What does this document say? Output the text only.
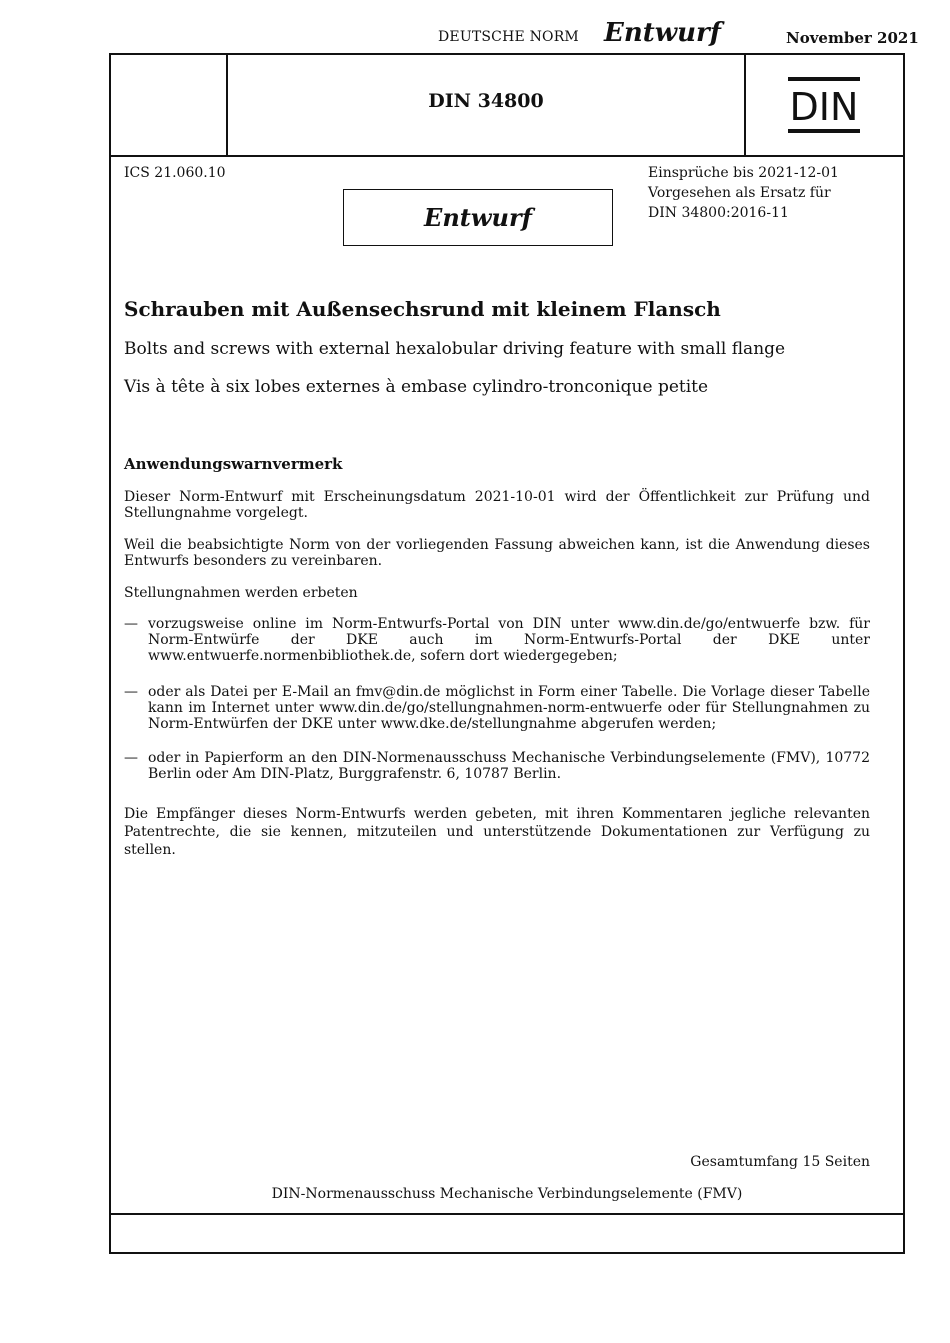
DEUTSCHE NORM Entwurf	November 2021
DIN 34800	DIN
ICS 21.060.10	Einsprüche bis 2021-12-01
Vorgesehen als Ersatz für
DIN 34800:2016-11
Entwurf
Schrauben mit Außensechsrund mit kleinem Flansch
Bolts and screws with external hexalobular driving feature with small flange
Vis à tête à six lobes externes à embase cylindro-tronconique petite
Anwendungswarnvermerk
Dieser Norm-Entwurf mit Erscheinungsdatum 2021-10-01 wird der Öffentlichkeit zur Prüfung und Stellungnahme vorgelegt.
Weil die beabsichtigte Norm von der vorliegenden Fassung abweichen kann, ist die Anwendung dieses Entwurfs besonders zu vereinbaren.
Stellungnahmen werden erbeten
— vorzugsweise online im Norm-Entwurfs-Portal von DIN unter www.din.de/go/entwuerfe bzw. für Norm-Entwürfe der DKE auch im Norm-Entwurfs-Portal der DKE unter www.entwuerfe.normenbibliothek.de, sofern dort wiedergegeben;
— oder als Datei per E-Mail an fmv@din.de möglichst in Form einer Tabelle. Die Vorlage dieser Tabelle kann im Internet unter www.din.de/go/stellungnahmen-norm-entwuerfe oder für Stellungnahmen zu Norm-Entwürfen der DKE unter www.dke.de/stellungnahme abgerufen werden;
— oder in Papierform an den DIN-Normenausschuss Mechanische Verbindungselemente (FMV), 10772 Berlin oder Am DIN-Platz, Burggrafenstr. 6, 10787 Berlin.
Die Empfänger dieses Norm-Entwurfs werden gebeten, mit ihren Kommentaren jegliche relevanten Patentrechte, die sie kennen, mitzuteilen und unterstützende Dokumentationen zur Verfügung zu stellen.
Gesamtumfang 15 Seiten
DIN-Normenausschuss Mechanische Verbindungselemente (FMV)
